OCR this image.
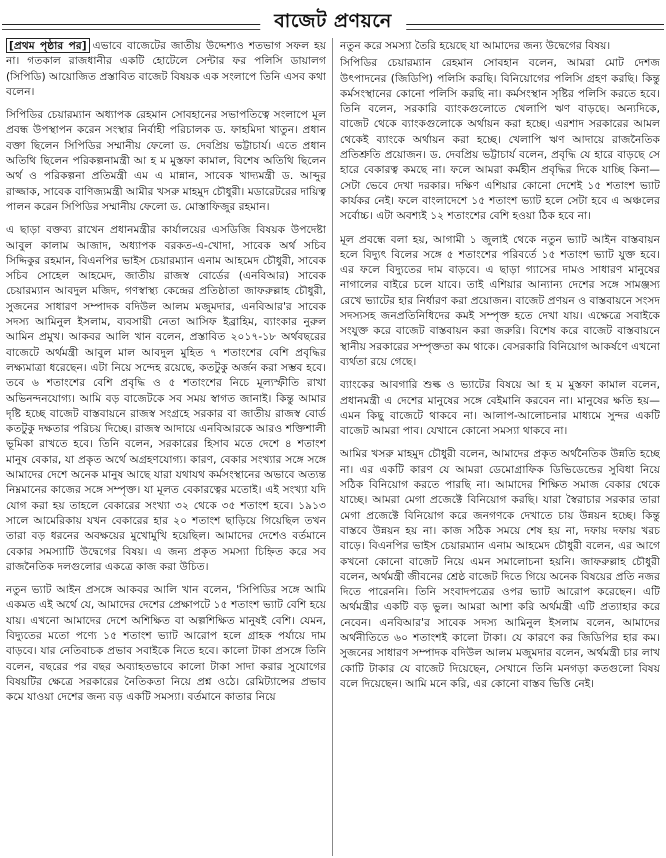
বাজেট প্রণয়নে

[প্রথম পৃষ্ঠার পর] এভাবে বাজেটের জাতীয় উদ্দেশ্যও শতভাগ সফল হয় না। গতকাল রাজধানীর একটি হোটেলে সেন্টার ফর পলিসি ডায়ালগ (সিপিডি) আয়োজিত প্রস্তাবিত বাজেট বিষয়ক এক সংলাপে তিনি এসব কথা বলেন।

সিপিডির চেয়ারম্যান অধ্যাপক রেহমান সোবহানের সভাপতিত্বে সংলাপে মূল প্রবন্ধ উপস্থাপন করেন সংস্থার নির্বাহী পরিচালক ড. ফাহমিদা খাতুন। প্রধান বক্তা ছিলেন সিপিডির সম্মানীয় ফেলো ড. দেবপ্রিয় ভট্টাচার্য। এতে প্রধান অতিথি ছিলেন পরিকল্পনামন্ত্রী আ হ ম মুস্তফা কামাল, বিশেষ অতিথি ছিলেন অর্থ ও পরিকল্পনা প্রতিমন্ত্রী এম এ মান্নান, সাবেক খাদ্যমন্ত্রী ড. আব্দুর রাজ্জাক, সাবেক বাণিজ্যমন্ত্রী আমীর খসরু মাহমুদ চৌধুরী। মডারেটরের দায়িত্ব পালন করেন সিপিডির সম্মানীয় ফেলো ড. মোস্তাফিজুর রহমান।

এ ছাড়া বক্তব্য রাখেন প্রধানমন্ত্রীর কার্যালয়ের এসডিজি বিষয়ক উপদেষ্টা আবুল কালাম আজাদ, অধ্যাপক বরকত-এ-খোদা, সাবেক অর্থ সচিব সিদ্দিকুর রহমান, বিএনপির ভাইস চেয়ারম্যান এনাম আহমেদ চৌধুরী, সাবেক সচিব সোহেল আহমেদ, জাতীয় রাজস্ব বোর্ডের (এনবিআর) সাবেক চেয়ারম্যান আবদুল মজিদ, গণস্বাস্থ্য কেন্দ্রের প্রতিষ্ঠাতা জাফরুল্লাহ চৌধুরী, সুজনের সাধারণ সম্পাদক বদিউল আলম মজুমদার, এনবিআর'র সাবেক সদস্য আমিনুল ইসলাম, ব্যবসায়ী নেতা আসিফ ইব্রাহিম, ব্যাংকার নুরুল আমিন প্রমুখ। আকবর আলি খান বলেন, প্রস্তাবিত ২০১৭-১৮ অর্থবছরের বাজেটে অর্থমন্ত্রী আবুল মাল আবদুল মুহিত ৭ শতাংশের বেশি প্রবৃদ্ধির লক্ষ্যমাত্রা ধরেছেন। এটা নিয়ে সন্দেহ রয়েছে, কতটুকু অর্জন করা সম্ভব হবে। তবে ৬ শতাংশের বেশি প্রবৃদ্ধি ও ৫ শতাংশের নিচে মূল্যস্ফীতি রাখা অভিনন্দনযোগ্য। আমি বড় বাজেটকে সব সময় স্বাগত জানাই। কিন্তু আমার দৃষ্টি হচ্ছে বাজেট বাস্তবায়নে রাজস্ব সংগ্রহে সরকার বা জাতীয় রাজস্ব বোর্ড কতটুকু দক্ষতার পরিচয় দিচ্ছে। রাজস্ব আদায়ে এনবিআরকে আরও শক্তিশালী ভূমিকা রাখতে হবে। তিনি বলেন, সরকারের হিসাব মতে দেশে ৪ শতাংশ মানুষ বেকার, যা প্রকৃত অর্থে অগ্রহণযোগ্য। কারণ, বেকার সংখ্যার সঙ্গে সঙ্গে আমাদের দেশে অনেক মানুষ আছে যারা যথাযথ কর্মসংস্থানের অভাবে অত্যন্ত নিম্নমানের কাজের সঙ্গে সম্পৃক্ত। যা মূলত বেকারত্বের মতোই। এই সংখ্যা যদি যোগ করা হয় তাহলে বেকারের সংখ্যা ৩২ থেকে ৩৫ শতাংশ হবে। ১৯১৩ সালে আমেরিকায় যখন বেকারের হার ২০ শতাংশ ছাড়িয়ে গিয়েছিল তখন তারা বড় ধরনের অবক্ষয়ের মুখোমুখি হয়েছিল। আমাদের দেশেও বর্তমানে বেকার সমস্যাটি উদ্বেগের বিষয়। এ জন্য প্রকৃত সমস্যা চিহ্নিত করে সব রাজনৈতিক দলগুলোর একত্রে কাজ করা উচিত।

নতুন ভ্যাট আইন প্রসঙ্গে আকবর আলি খান বলেন, 'সিপিডির সঙ্গে আমি একমত এই অর্থে যে, আমাদের দেশের প্রেক্ষাপটে ১৫ শতাংশ ভ্যাট বেশি হয়ে যায়। এখনো আমাদের দেশে অশিক্ষিত বা অল্পশিক্ষিত মানুষই বেশি। যেমন, বিদ্যুতের মতো পণ্যে ১৫ শতাংশ ভ্যাট আরোপ হলে গ্রাহক পর্যায়ে দাম বাড়বে। যার নেতিবাচক প্রভাব সবাইকে নিতে হবে। কালো টাকা প্রসঙ্গে তিনি বলেন, বছরের পর বছর অব্যাহতভাবে কালো টাকা সাদা করার সুযোগের বিষয়টির ক্ষেত্রে সরকারের নৈতিকতা নিয়ে প্রশ্ন ওঠে। রেমিট্যান্সের প্রভাব কমে যাওয়া দেশের জন্য বড় একটি সমস্যা। বর্তমানে কাতার নিয়ে

নতুন করে সমস্যা তৈরি হয়েছে যা আমাদের জন্য উদ্বেগের বিষয়।

সিপিডির চেয়ারম্যান রেহমান সোবহান বলেন, আমরা মোট দেশজ উৎপাদনের (জিডিপি) পলিসি করছি। বিনিয়োগের পলিসি গ্রহণ করছি। কিন্তু কর্মসংস্থানের কোনো পলিসি করছি না। কর্মসংস্থান সৃষ্টির পলিসি করতে হবে। তিনি বলেন, সরকারি ব্যাংকগুলোতে খেলাপি ঋণ বাড়ছে। অন্যদিকে, বাজেট থেকে ব্যাংকগুলোকে অর্থায়ন করা হচ্ছে। এরশাদ সরকারের আমল থেকেই ব্যাংকে অর্থায়ন করা হচ্ছে। খেলাপি ঋণ আদায়ে রাজনৈতিক প্রতিশ্রুতি প্রয়োজন। ড. দেবপ্রিয় ভট্টাচার্য বলেন, প্রবৃদ্ধি যে হারে বাড়ছে সে হারে বেকারত্ব কমছে না। ফলে আমরা কর্মহীন প্রবৃদ্ধির দিকে যাচ্ছি কিনা—সেটা ভেবে দেখা দরকার। দক্ষিণ এশিয়ার কোনো দেশেই ১৫ শতাংশ ভ্যাট কার্যকর নেই। ফলে বাংলাদেশে ১৫ শতাংশ ভ্যাট হলে সেটা হবে এ অঞ্চলের সর্বোচ্চ। এটা অবশ্যই ১২ শতাংশের বেশি হওয়া ঠিক হবে না।

মূল প্রবন্ধে বলা হয়, আগামী ১ জুলাই থেকে নতুন ভ্যাট আইন বাস্তবায়ন হলে বিদ্যুৎ বিলের সঙ্গে ৫ শতাংশের পরিবর্তে ১৫ শতাংশ ভ্যাট যুক্ত হবে। এর ফলে বিদ্যুতের দাম বাড়বে। এ ছাড়া গ্যাসের দামও সাধারণ মানুষের নাগালের বাইরে চলে যাবে। তাই এশিয়ার আন্যান্য দেশের সঙ্গে সামঞ্জস্য রেখে ভ্যাটের হার নির্ধারণ করা প্রয়োজন। বাজেট প্রণয়ন ও বাস্তবায়নে সংসদ সদস্যসহ জনপ্রতিনিধিদের কমই সম্পৃক্ত হতে দেখা যায়। এক্ষেত্রে সবাইকে সংযুক্ত করে বাজেট বাস্তবায়ন করা জরুরি। বিশেষ করে বাজেট বাস্তবায়নে স্থানীয় সরকারের সম্পৃক্ততা কম থাকে। বেসরকারি বিনিয়োগ আকর্ষণে এখনো ব্যর্থতা রয়ে গেছে।

ব্যাংকের আবগারি শুল্ক ও ভ্যাটের বিষয়ে আ হ ম মুস্তফা কামাল বলেন, প্রধানমন্ত্রী এ দেশের মানুষের সঙ্গে বেইমানি করবেন না। মানুষের ক্ষতি হয়—এমন কিছু বাজেটে থাকবে না। আলাপ-আলোচনার মাধ্যমে সুন্দর একটি বাজেট আমরা পাব। যেখানে কোনো সমস্যা থাকবে না।

আমির খসরু মাহমুদ চৌধুরী বলেন, আমাদের প্রকৃত অর্থনৈতিক উন্নতি হচ্ছে না। এর একটি কারণ যে আমরা ডেমোগ্রাফিক ডিভিডেন্ডের সুবিধা নিয়ে সঠিক বিনিয়োগ করতে পারছি না। আমাদের শিক্ষিত সমাজ বেকার থেকে যাচ্ছে। আমরা মেগা প্রজেক্টে বিনিয়োগ করছি। যারা স্বৈরাচার সরকার তারা মেগা প্রজেক্টে বিনিয়োগ করে জনগণকে দেখাতে চায় উন্নয়ন হচ্ছে। কিন্তু বাস্তবে উন্নয়ন হয় না। কাজ সঠিক সময়ে শেষ হয় না, দফায় দফায় খরচ বাড়ে। বিএনপির ভাইস চেয়ারম্যান এনাম আহমেদ চৌধুরী বলেন, এর আগে কখনো কোনো বাজেট নিয়ে এমন সমালোচনা হয়নি। জাফরুল্লাহ চৌধুরী বলেন, অর্থমন্ত্রী জীবনের শ্রেষ্ঠ বাজেট দিতে গিয়ে অনেক বিষয়ের প্রতি নজর দিতে পারেননি। তিনি সংবাদপত্রের ওপর ভ্যাট আরোপ করেছেন। এটি অর্থমন্ত্রীর একটি বড় ভুল। আমরা আশা করি অর্থমন্ত্রী এটি প্রত্যাহার করে নেবেন। এনবিআর'র সাবেক সদস্য আমিনুল ইসলাম বলেন, আমাদের অর্থনীতিতে ৬০ শতাংশই কালো টাকা। যে কারণে কর জিডিপির হার কম। সুজনের সাধারণ সম্পাদক বদিউল আলম মজুমদার বলেন, অর্থমন্ত্রী চার লাখ কোটি টাকার যে বাজেট দিয়েছেন, সেখানে তিনি মনগড়া কতগুলো বিষয় বলে দিয়েছেন। আমি মনে করি, এর কোনো বাস্তব ভিত্তি নেই।
